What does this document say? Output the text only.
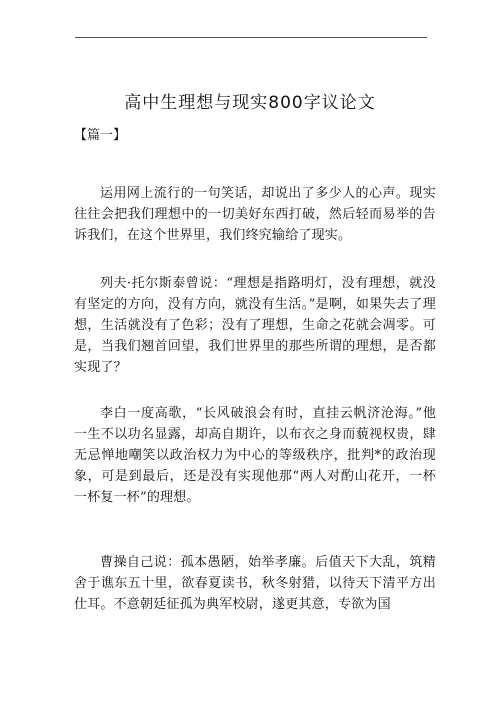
高中生理想与现实800字议论文
【篇一】

运用网上流行的一句笑话，却说出了多少人的心声。现实往往会把我们理想中的一切美好东西打破，然后轻而易举的告诉我们，在这个世界里，我们终究输给了现实。

列夫·托尔斯泰曾说：“理想是指路明灯，没有理想，就没有坚定的方向，没有方向，就没有生活。”是啊，如果失去了理想，生活就没有了色彩；没有了理想，生命之花就会凋零。可是，当我们翘首回望，我们世界里的那些所谓的理想，是否都实现了？

李白一度高歌，“长风破浪会有时，直挂云帆济沧海。”他一生不以功名显露，却高自期许，以布衣之身而藐视权贵，肆无忌惮地嘲笑以政治权力为中心的等级秩序，批判*的政治现象，可是到最后，还是没有实现他那“两人对酌山花开，一杯一杯复一杯”的理想。

曹操自己说：孤本愚陋，始举孝廉。后值天下大乱，筑精舍于谯东五十里，欲春夏读书，秋冬射猎，以待天下清平方出仕耳。不意朝廷征孤为典军校尉，遂更其意，专欲为国
